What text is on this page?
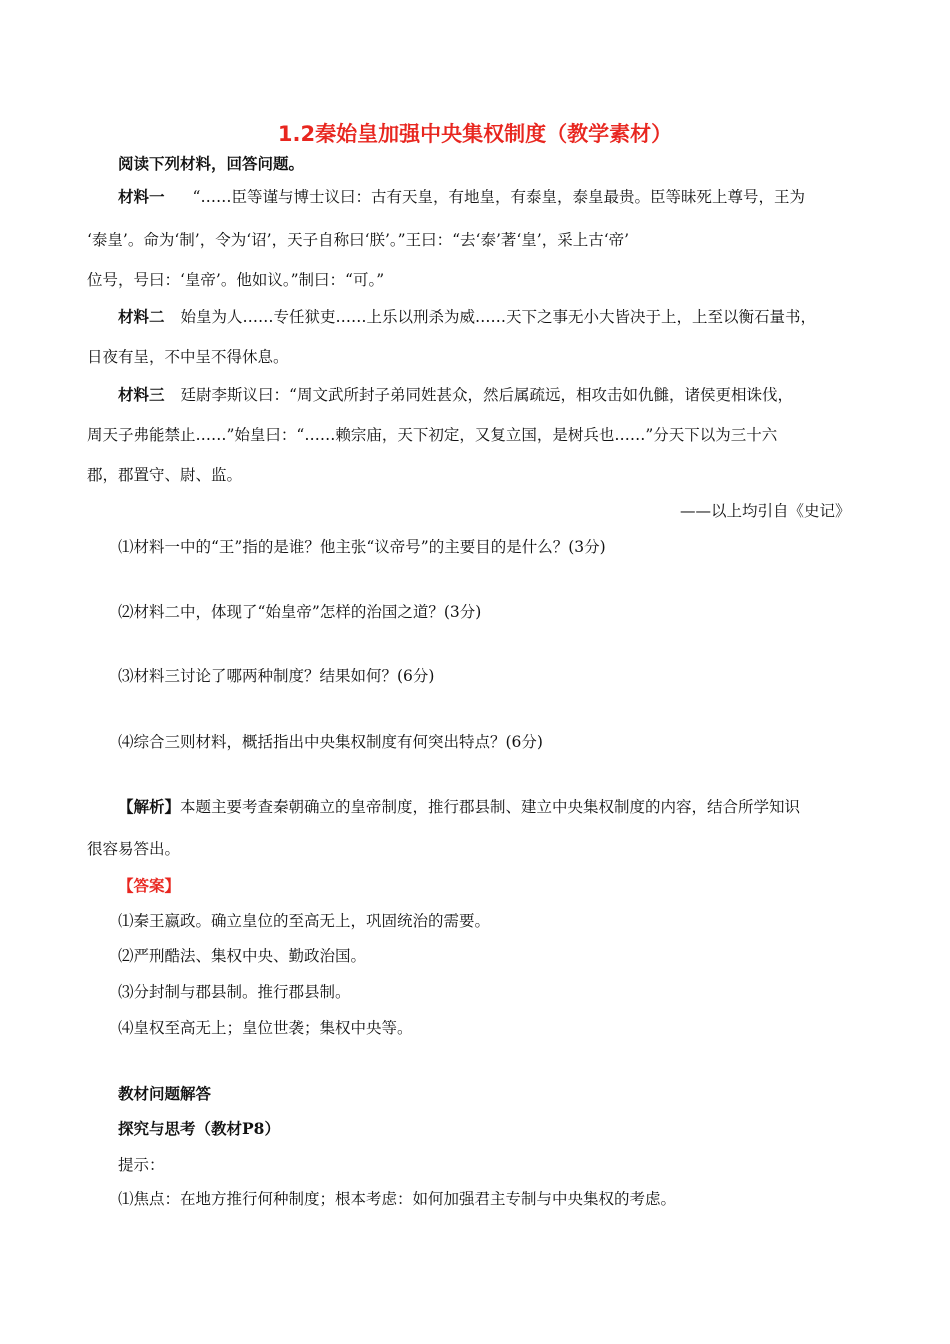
1.2秦始皇加强中央集权制度（教学素材）
阅读下列材料，回答问题。
材料一 “……臣等谨与博士议曰：古有天皇，有地皇，有泰皇，泰皇最贵。臣等昧死上尊号，王为
‘泰皇’。命为‘制’，令为‘诏’，天子自称曰‘朕’。”王曰：“去‘泰’著‘皇’，采上古‘帝’
位号，号曰：‘皇帝’。他如议。”制曰：“可。”
材料二 始皇为人……专任狱吏……上乐以刑杀为威……天下之事无小大皆决于上，上至以衡石量书，
日夜有呈，不中呈不得休息。
材料三 廷尉李斯议曰：“周文武所封子弟同姓甚众，然后属疏远，相攻击如仇雠，诸侯更相诛伐，
周天子弗能禁止……”始皇曰：“……赖宗庙，天下初定，又复立国，是树兵也……”分天下以为三十六
郡，郡置守、尉、监。
——以上均引自《史记》
⑴材料一中的“王”指的是谁？他主张“议帝号”的主要目的是什么？(3分)
⑵材料二中，体现了“始皇帝”怎样的治国之道？(3分)
⑶材料三讨论了哪两种制度？结果如何？(6分)
⑷综合三则材料，概括指出中央集权制度有何突出特点？(6分)
【解析】本题主要考查秦朝确立的皇帝制度，推行郡县制、建立中央集权制度的内容，结合所学知识
很容易答出。
【答案】
⑴秦王嬴政。确立皇位的至高无上，巩固统治的需要。
⑵严刑酷法、集权中央、勤政治国。
⑶分封制与郡县制。推行郡县制。
⑷皇权至高无上；皇位世袭；集权中央等。
教材问题解答
探究与思考（教材P8）
提示：
⑴焦点：在地方推行何种制度；根本考虑：如何加强君主专制与中央集权的考虑。
